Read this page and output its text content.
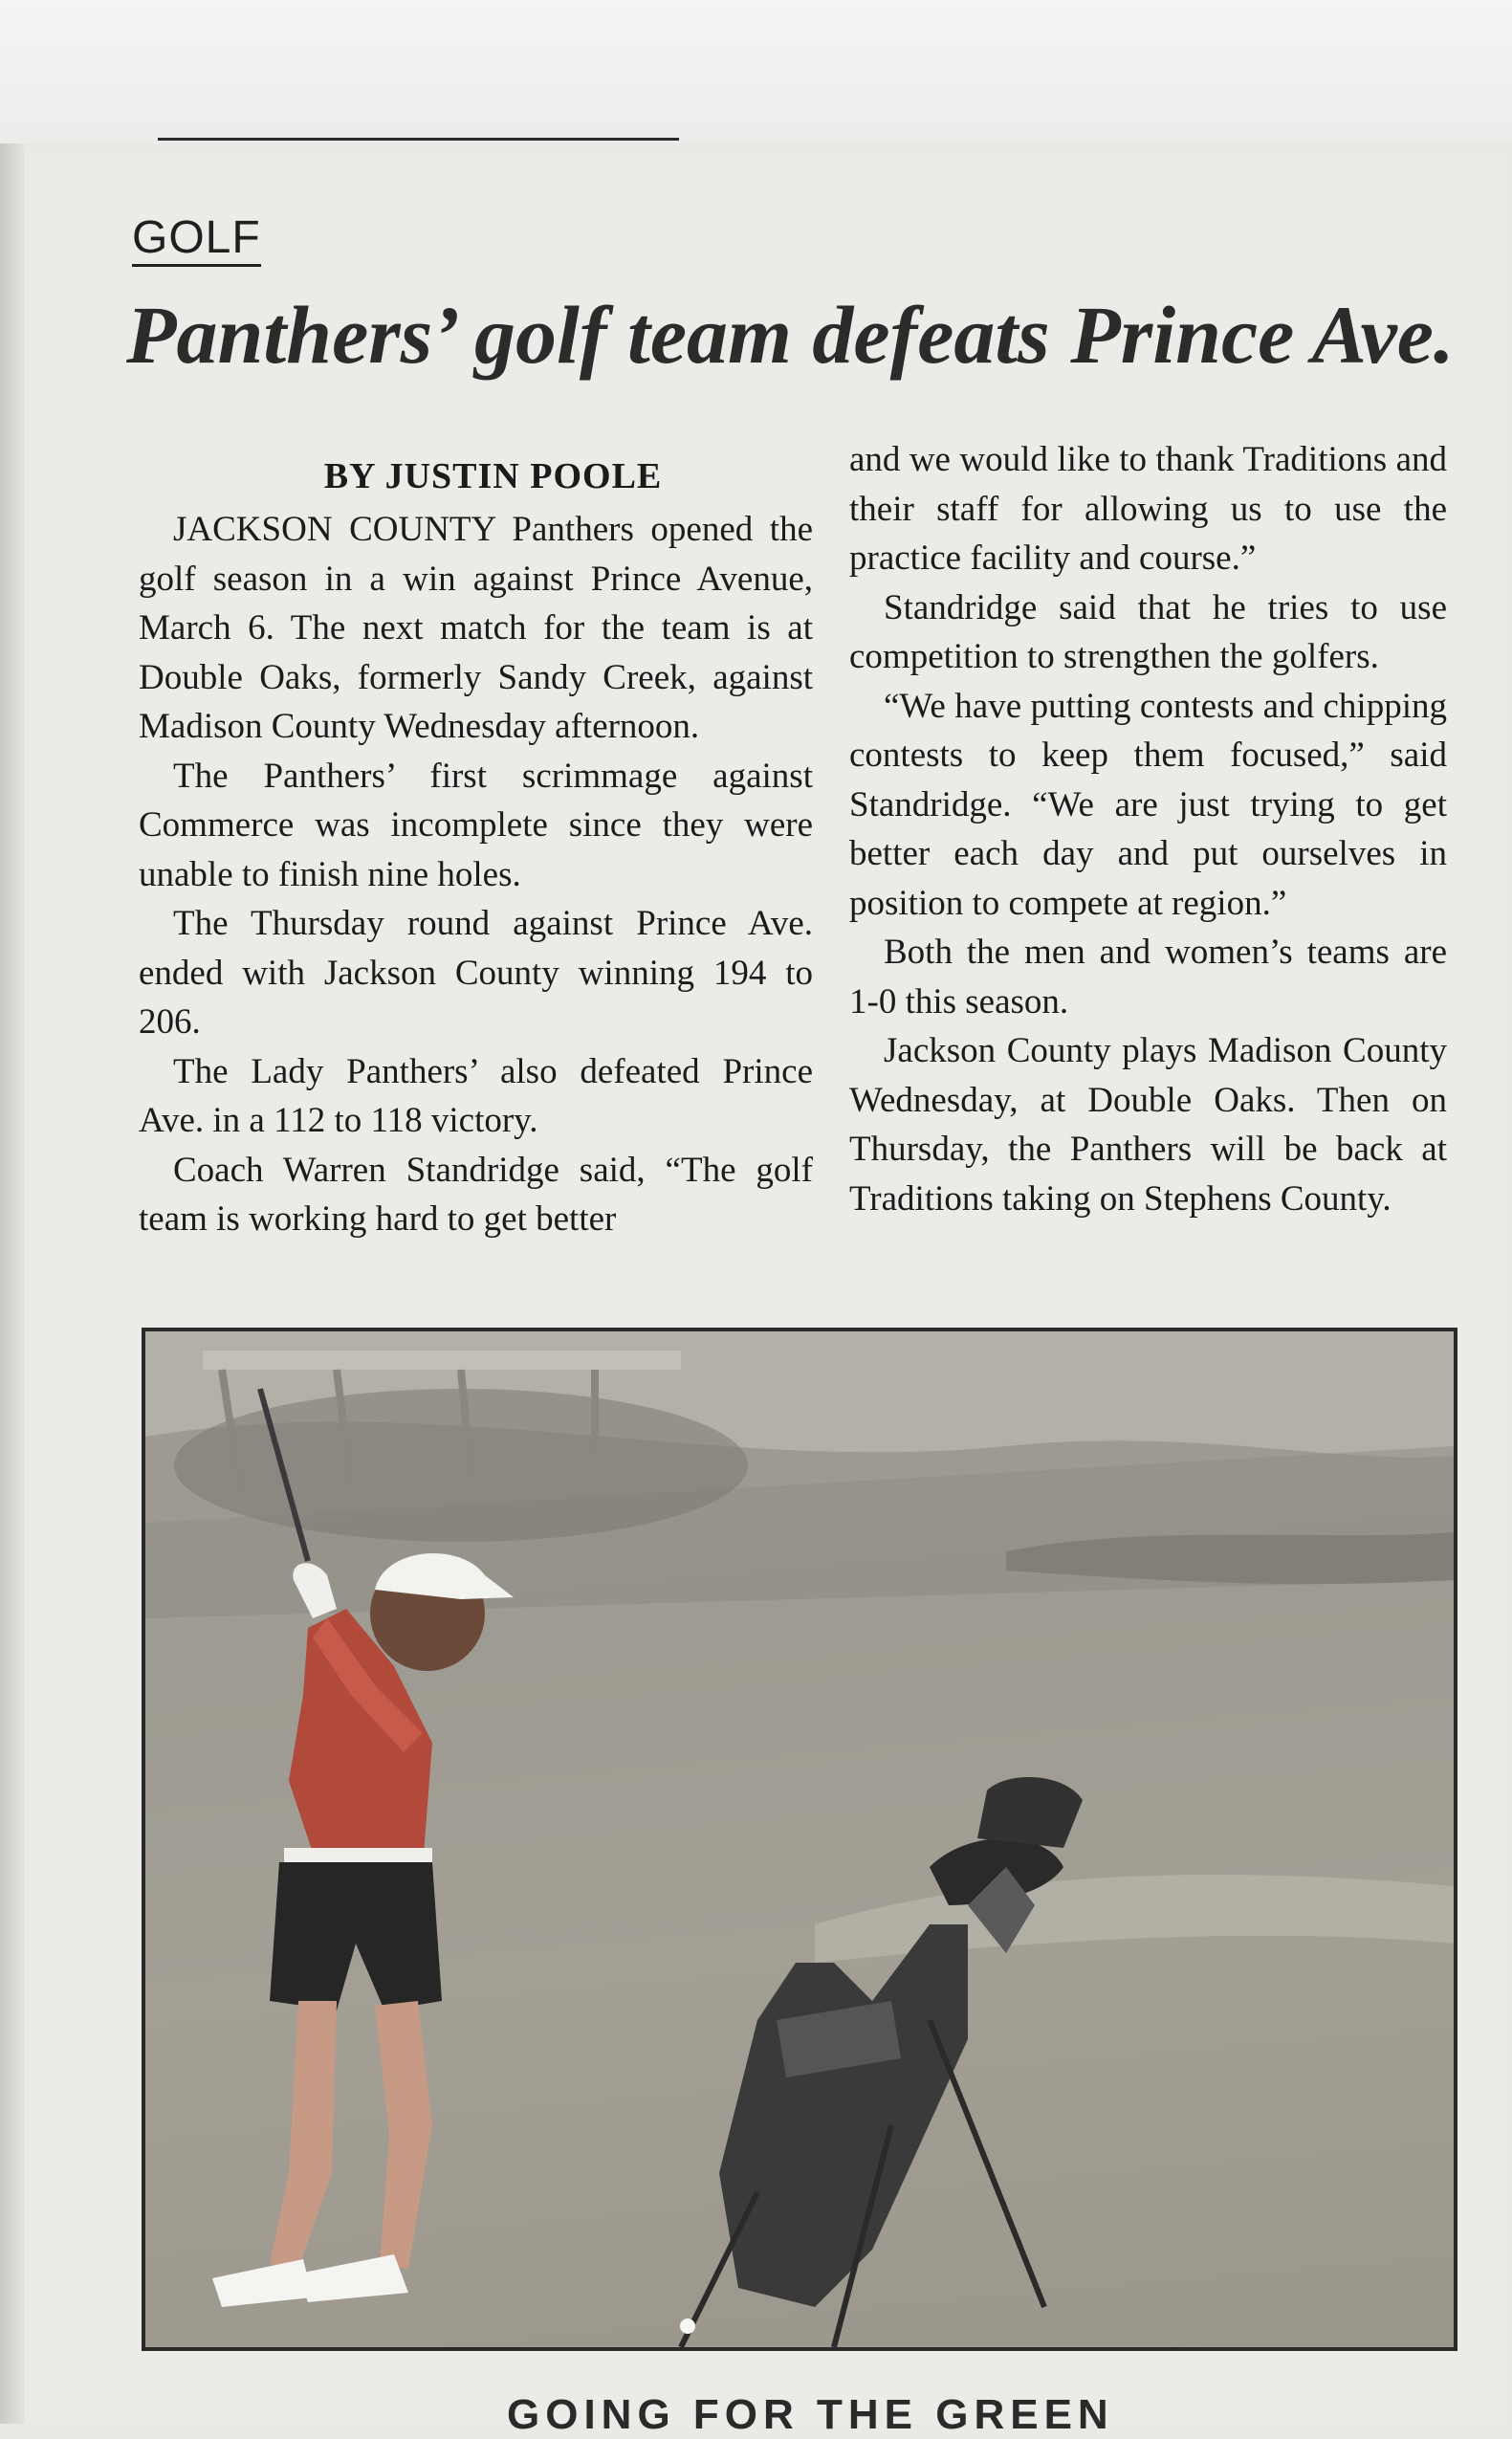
GOLF
Panthers’ golf team defeats Prince Ave.

BY JUSTIN POOLE

JACKSON COUNTY Panthers opened the golf season in a win against Prince Avenue, March 6. The next match for the team is at Double Oaks, formerly Sandy Creek, against Madison County Wednesday afternoon.

The Panthers’ first scrimmage against Commerce was incomplete since they were unable to finish nine holes.

The Thursday round against Prince Ave. ended with Jackson County winning 194 to 206.

The Lady Panthers’ also defeated Prince Ave. in a 112 to 118 victory.

Coach Warren Standridge said, “The golf team is working hard to get better

and we would like to thank Traditions and their staff for allowing us to use the practice facility and course.”

Standridge said that he tries to use competition to strengthen the golfers.

“We have putting contests and chipping contests to keep them focused,” said Standridge. “We are just trying to get better each day and put ourselves in position to compete at region.”

Both the men and women’s teams are 1-0 this season.

Jackson County plays Madison County Wednesday, at Double Oaks. Then on Thursday, the Panthers will be back at Traditions taking on Stephens County.

GOING FOR THE GREEN
